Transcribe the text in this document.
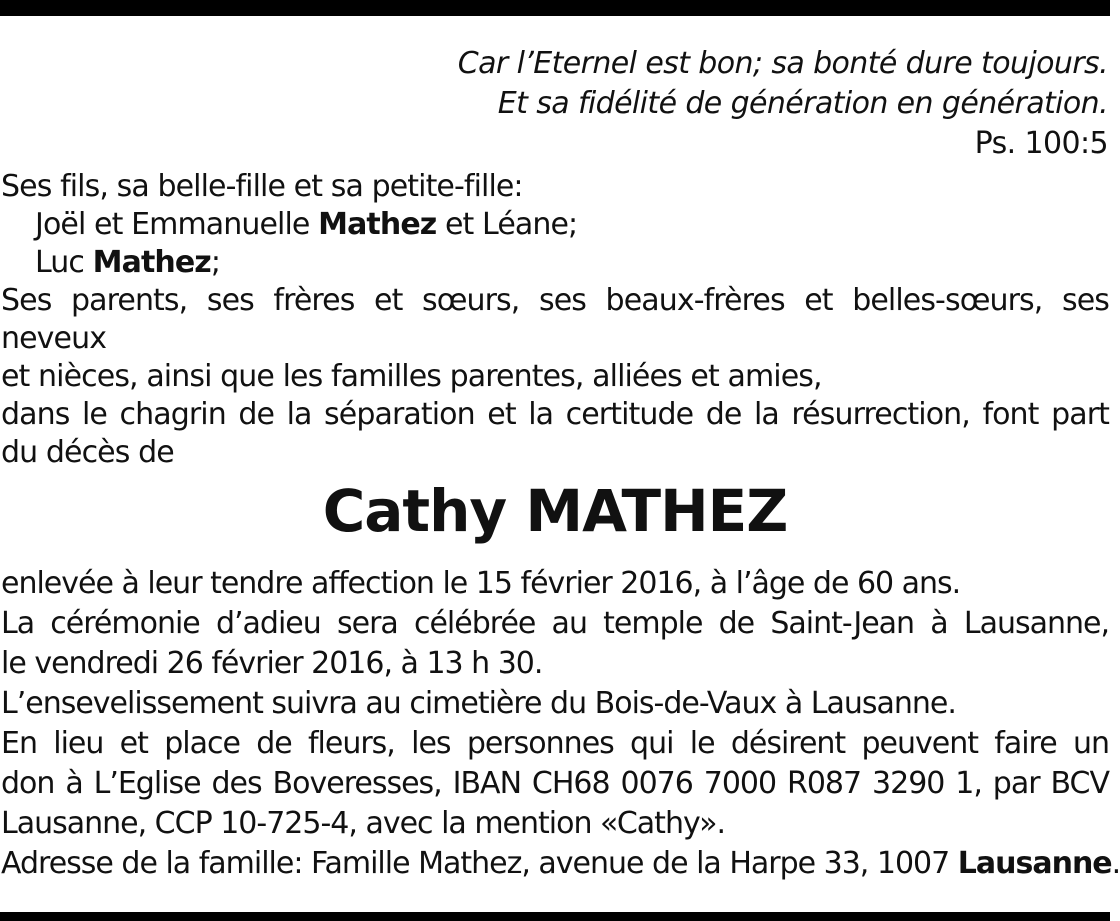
Car l’Eternel est bon; sa bonté dure toujours.
Et sa fidélité de génération en génération.
Ps. 100:5
Ses fils, sa belle-fille et sa petite-fille:
Joël et Emmanuelle Mathez et Léane;
Luc Mathez;
Ses parents, ses frères et sœurs, ses beaux-frères et belles-sœurs, ses neveux
et nièces, ainsi que les familles parentes, alliées et amies,
dans le chagrin de la séparation et la certitude de la résurrection, font part
du décès de
Cathy MATHEZ
enlevée à leur tendre affection le 15 février 2016, à l’âge de 60 ans.
La cérémonie d’adieu sera célébrée au temple de Saint-Jean à Lausanne,
le vendredi 26 février 2016, à 13 h 30.
L’ensevelissement suivra au cimetière du Bois-de-Vaux à Lausanne.
En lieu et place de fleurs, les personnes qui le désirent peuvent faire un
don à L’Eglise des Boveresses, IBAN CH68 0076 7000 R087 3290 1, par BCV
Lausanne, CCP 10-725-4, avec la mention «Cathy».
Adresse de la famille: Famille Mathez, avenue de la Harpe 33, 1007 Lausanne.
